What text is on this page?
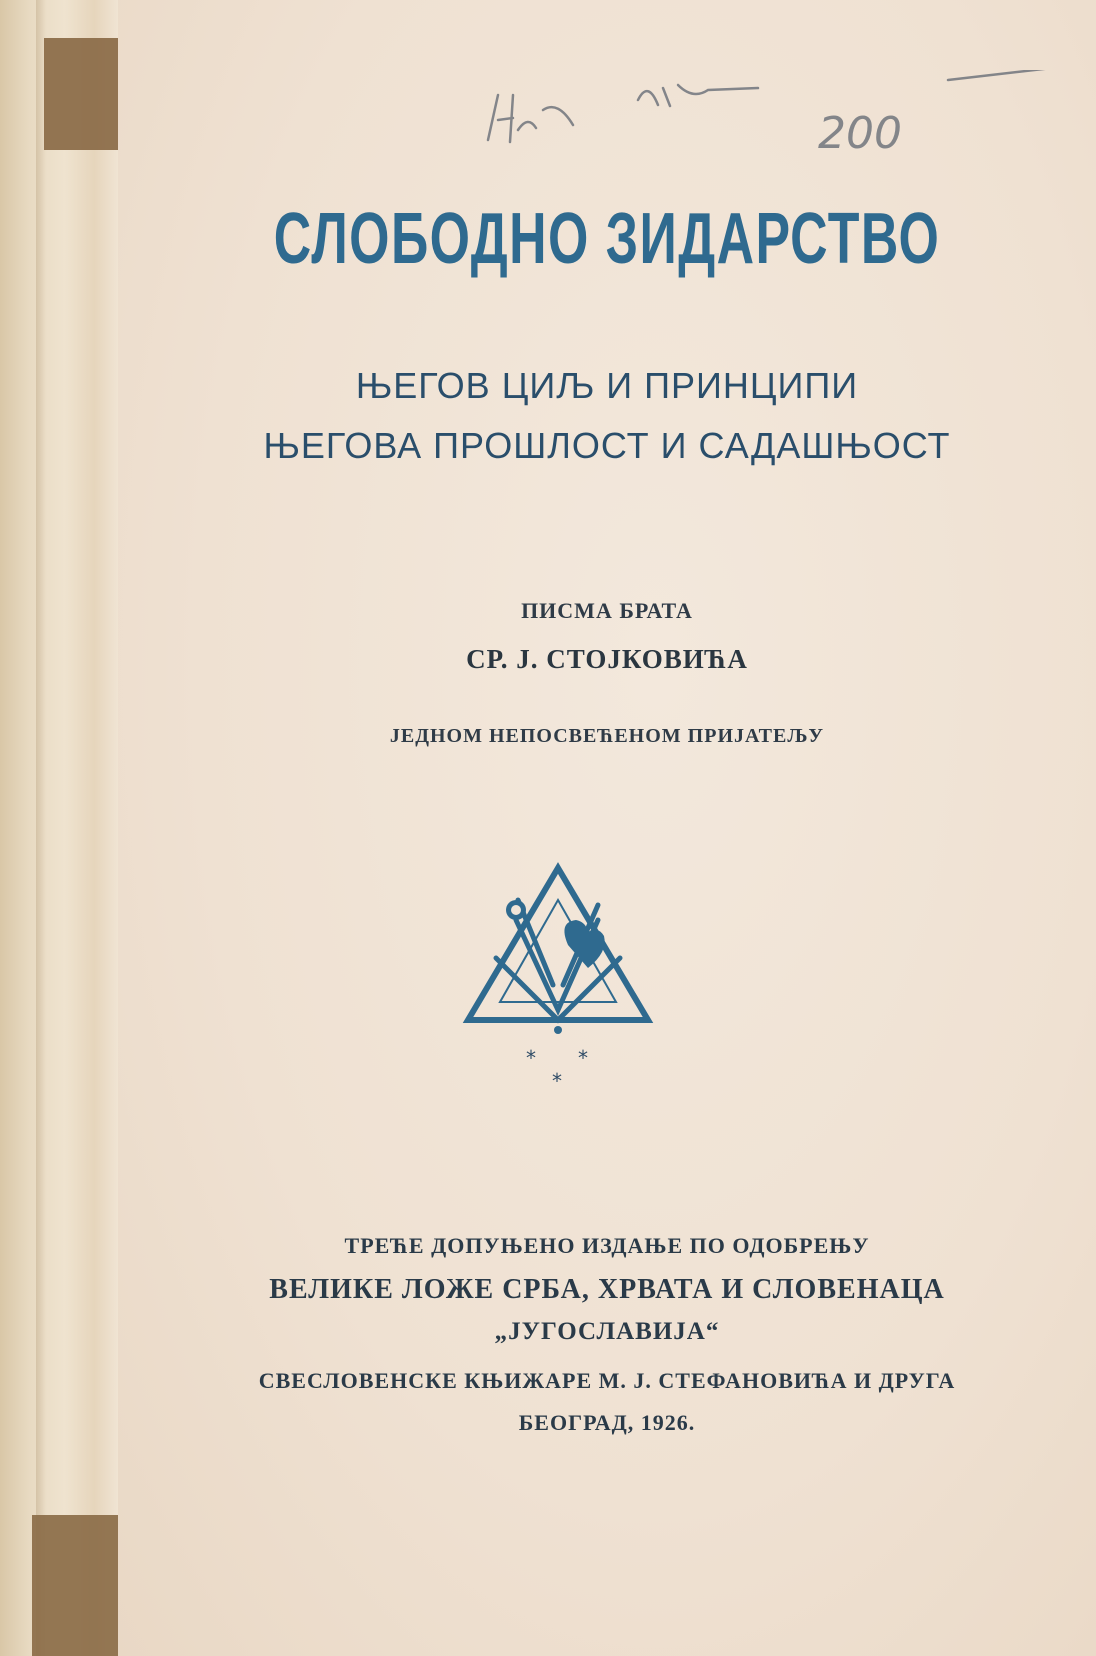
200
СЛОБОДНО ЗИДАРСТВО
ЊЕГОВ ЦИЉ И ПРИНЦИПИ
ЊЕГОВА ПРОШЛОСТ И САДАШЊОСТ
ПИСМА БРАТА
СР. Ј. СТОЈКОВИЋА
ЈЕДНОМ НЕПОСВЕЋЕНОМ ПРИЈАТЕЉУ
* *
*
ТРЕЋЕ ДОПУЊЕНО ИЗДАЊЕ ПО ОДОБРЕЊУ
ВЕЛИКЕ ЛОЖЕ СРБА, ХРВАТА И СЛОВЕНАЦА
„ЈУГОСЛАВИЈА“
СВЕСЛОВЕНСКЕ КЊИЖАРЕ М. Ј. СТЕФАНОВИЋА И ДРУГА
БЕОГРАД, 1926.
